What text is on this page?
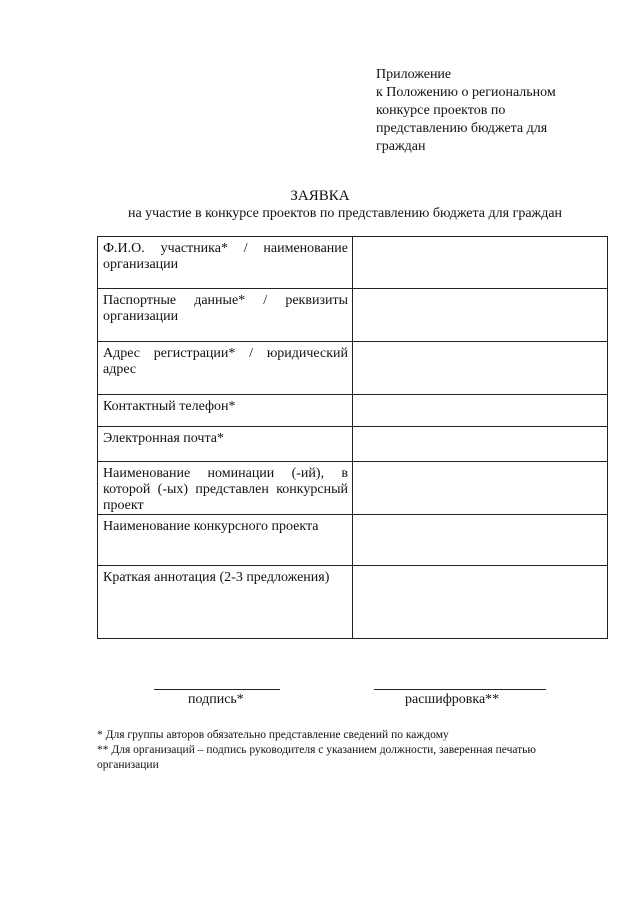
Приложение
к Положению о региональном
конкурсе проектов по
представлению бюджета для
граждан
ЗАЯВКА
на участие в конкурсе проектов по представлению бюджета для граждан
Ф.И.О. участника* / наименование организации	
Паспортные данные* / реквизиты организации	
Адрес регистрации* / юридический адрес	
Контактный телефон*	
Электронная почта*	
Наименование номинации (-ий), в которой (-ых) представлен конкурсный проект	
Наименование конкурсного проекта	
Краткая аннотация (2-3 предложения)	
подпись*	расшифровка**

* Для группы авторов обязательно представление сведений по каждому

** Для организаций – подпись руководителя с указанием должности, заверенная печатью организации
